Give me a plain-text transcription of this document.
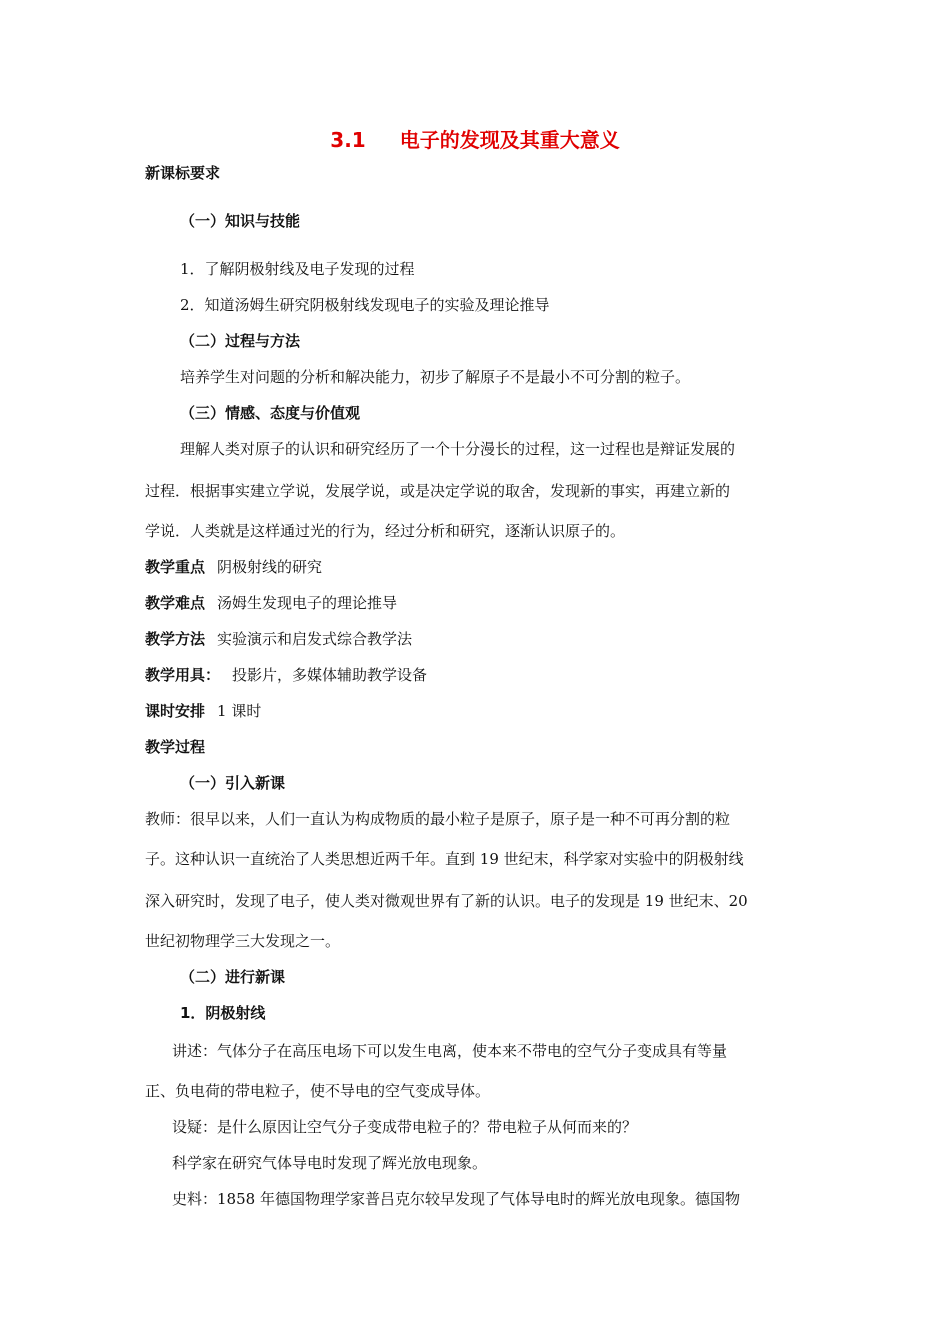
3.1 电子的发现及其重大意义
新课标要求
（一）知识与技能
1．了解阴极射线及电子发现的过程
2．知道汤姆生研究阴极射线发现电子的实验及理论推导
（二）过程与方法
培养学生对问题的分析和解决能力，初步了解原子不是最小不可分割的粒子。
（三）情感、态度与价值观
理解人类对原子的认识和研究经历了一个十分漫长的过程，这一过程也是辩证发展的
过程．根据事实建立学说，发展学说，或是决定学说的取舍，发现新的事实，再建立新的
学说．人类就是这样通过光的行为，经过分析和研究，逐渐认识原子的。
教学重点 阴极射线的研究
教学难点 汤姆生发现电子的理论推导
教学方法 实验演示和启发式综合教学法
教学用具： 投影片，多媒体辅助教学设备
课时安排 1 课时
教学过程
（一）引入新课
教师：很早以来，人们一直认为构成物质的最小粒子是原子，原子是一种不可再分割的粒
子。这种认识一直统治了人类思想近两千年。直到 19 世纪末，科学家对实验中的阴极射线
深入研究时，发现了电子，使人类对微观世界有了新的认识。电子的发现是 19 世纪末、20
世纪初物理学三大发现之一。
（二）进行新课
1．阴极射线
讲述：气体分子在高压电场下可以发生电离，使本来不带电的空气分子变成具有等量
正、负电荷的带电粒子，使不导电的空气变成导体。
设疑：是什么原因让空气分子变成带电粒子的？带电粒子从何而来的？
科学家在研究气体导电时发现了辉光放电现象。
史料：1858 年德国物理学家普吕克尔较早发现了气体导电时的辉光放电现象。德国物
